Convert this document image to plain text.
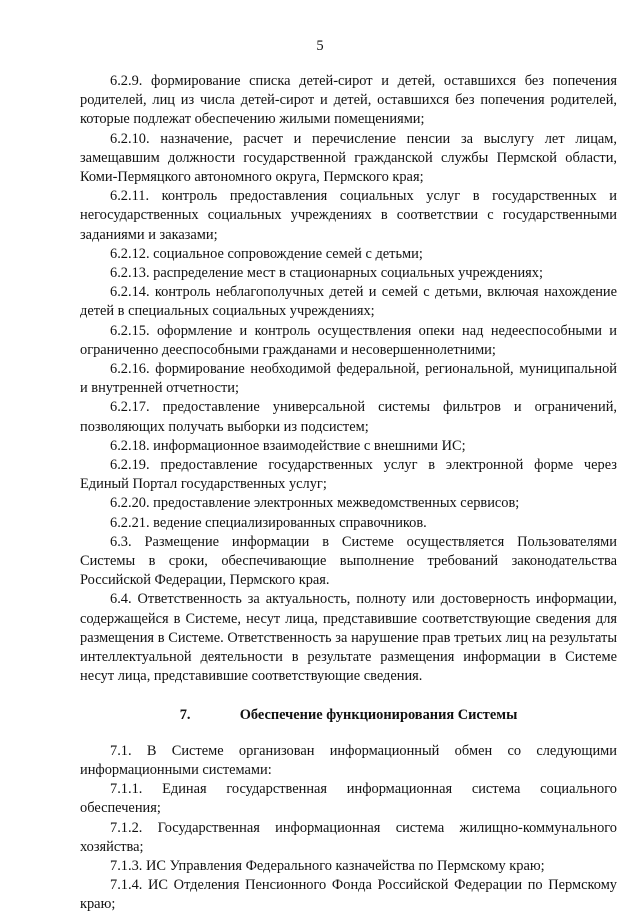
5

6.2.9. формирование списка детей-сирот и детей, оставшихся без попечения родителей, лиц из числа детей-сирот и детей, оставшихся без попечения родителей, которые подлежат обеспечению жилыми помещениями;

6.2.10. назначение, расчет и перечисление пенсии за выслугу лет лицам, замещавшим должности государственной гражданской службы Пермской области, Коми-Пермяцкого автономного округа, Пермского края;

6.2.11. контроль предоставления социальных услуг в государственных и негосударственных социальных учреждениях в соответствии с государственными заданиями и заказами;

6.2.12. социальное сопровождение семей с детьми;

6.2.13. распределение мест в стационарных социальных учреждениях;

6.2.14. контроль неблагополучных детей и семей с детьми, включая нахождение детей в специальных социальных учреждениях;

6.2.15. оформление и контроль осуществления опеки над недееспособными и ограниченно дееспособными гражданами и несовершеннолетними;

6.2.16. формирование необходимой федеральной, региональной, муниципальной и внутренней отчетности;

6.2.17. предоставление универсальной системы фильтров и ограничений, позволяющих получать выборки из подсистем;

6.2.18. информационное взаимодействие с внешними ИС;

6.2.19. предоставление государственных услуг в электронной форме через Единый Портал государственных услуг;

6.2.20. предоставление электронных межведомственных сервисов;

6.2.21. ведение специализированных справочников.

6.3. Размещение информации в Системе осуществляется Пользователями Системы в сроки, обеспечивающие выполнение требований законодательства Российской Федерации, Пермского края.

6.4. Ответственность за актуальность, полноту или достоверность информации, содержащейся в Системе, несут лица, представившие соответствующие сведения для размещения в Системе. Ответственность за нарушение прав третьих лиц на результаты интеллектуальной деятельности в результате размещения информации в Системе несут лица, представившие соответствующие сведения.

7.	Обеспечение функционирования Системы

7.1. В Системе организован информационный обмен со следующими информационными системами:

7.1.1. Единая государственная информационная система социального обеспечения;

7.1.2. Государственная информационная система жилищно-коммунального хозяйства;

7.1.3. ИС Управления Федерального казначейства по Пермскому краю;

7.1.4. ИС Отделения Пенсионного Фонда Российской Федерации по Пермскому краю;
